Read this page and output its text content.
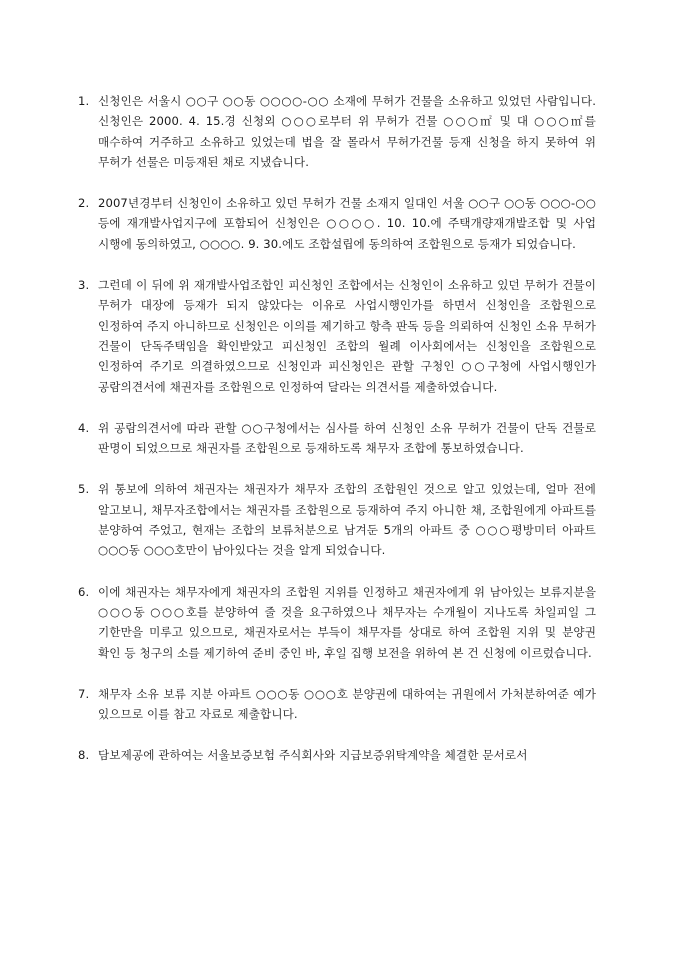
1. 신청인은 서울시 ○○구 ○○동 ○○○○-○○ 소재에 무허가 건물을 소유하고 있었던 사람입니다. 신청인은 2000. 4. 15.경 신청외 ○○○로부터 위 무허가 건물 ○○○㎡ 및 대 ○○○㎡를 매수하여 거주하고 소유하고 있었는데 법을 잘 몰라서 무허가건물 등재 신청을 하지 못하여 위 무허가 선물은 미등재된 채로 지냈습니다.
2. 2007년경부터 신청인이 소유하고 있던 무허가 건물 소재지 일대인 서울 ○○구 ○○동 ○○○-○○ 등에 재개발사업지구에 포함되어 신청인은 ○○○○. 10. 10.에 주택개량재개발조합 및 사업 시행에 동의하였고, ○○○○. 9. 30.에도 조합설립에 동의하여 조합원으로 등재가 되었습니다.
3. 그런데 이 뒤에 위 재개발사업조합인 피신청인 조합에서는 신청인이 소유하고 있던 무허가 건물이 무허가 대장에 등재가 되지 않았다는 이유로 사업시행인가를 하면서 신청인을 조합원으로 인정하여 주지 아니하므로 신청인은 이의를 제기하고 항측 판독 등을 의뢰하여 신청인 소유 무허가 건물이 단독주택임을 확인받았고 피신청인 조합의 월례 이사회에서는 신청인을 조합원으로 인정하여 주기로 의결하였으므로 신청인과 피신청인은 관할 구청인 ○○구청에 사업시행인가 공람의견서에 채권자를 조합원으로 인정하여 달라는 의견서를 제출하였습니다.
4. 위 공람의견서에 따라 관할 ○○구청에서는 심사를 하여 신청인 소유 무허가 건물이 단독 건물로 판명이 되었으므로 채권자를 조합원으로 등재하도록 채무자 조합에 통보하였습니다.
5. 위 통보에 의하여 채권자는 채권자가 채무자 조합의 조합원인 것으로 알고 있었는데, 얼마 전에 알고보니, 채무자조합에서는 채권자를 조합원으로 등재하여 주지 아니한 채, 조합원에게 아파트를 분양하여 주었고, 현재는 조합의 보류처분으로 남겨둔 5개의 아파트 중 ○○○평방미터 아파트 ○○○동 ○○○호만이 남아있다는 것을 알게 되었습니다.
6. 이에 채권자는 채무자에게 채권자의 조합원 지위를 인정하고 채권자에게 위 남아있는 보류지분을 ○○○동 ○○○호를 분양하여 줄 것을 요구하였으나 채무자는 수개월이 지나도록 차일피일 그 기한만을 미루고 있으므로, 채권자로서는 부득이 채무자를 상대로 하여 조합원 지위 및 분양권 확인 등 청구의 소를 제기하여 준비 중인 바, 후일 집행 보전을 위하여 본 건 신청에 이르렀습니다.
7. 채무자 소유 보류 지분 아파트 ○○○동 ○○○호 분양권에 대하여는 귀원에서 가처분하여준 예가 있으므로 이를 참고 자료로 제출합니다.
8. 담보제공에 관하여는 서울보증보험 주식회사와 지급보증위탁계약을 체결한 문서로서
